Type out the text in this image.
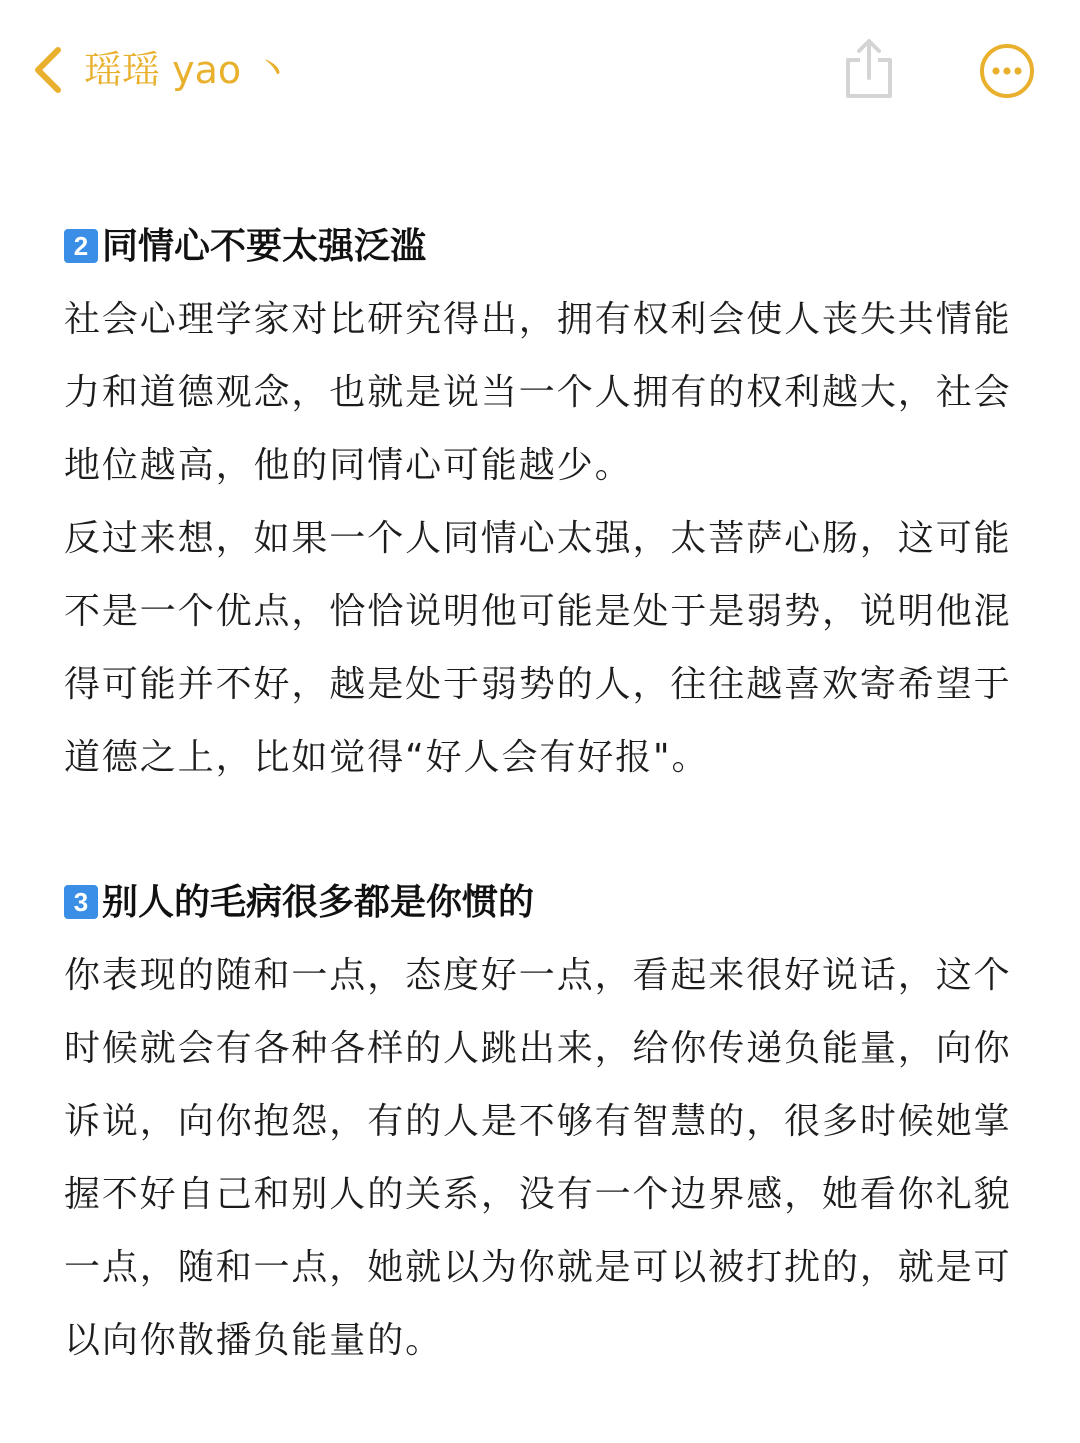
瑶瑶 yao 丶
2 同情心不要太强泛滥

社会心理学家对比研究得出，拥有权利会使人丧失共情能力和道德观念，也就是说当一个人拥有的权利越大，社会地位越高，他的同情心可能越少。

反过来想，如果一个人同情心太强，太菩萨心肠，这可能不是一个优点，恰恰说明他可能是处于是弱势，说明他混得可能并不好，越是处于弱势的人，往往越喜欢寄希望于道德之上，比如觉得“好人会有好报"。

3 别人的毛病很多都是你惯的

你表现的随和一点，态度好一点，看起来很好说话，这个时候就会有各种各样的人跳出来，给你传递负能量，向你诉说，向你抱怨，有的人是不够有智慧的，很多时候她掌握不好自己和别人的关系，没有一个边界感，她看你礼貌一点，随和一点，她就以为你就是可以被打扰的，就是可以向你散播负能量的。
